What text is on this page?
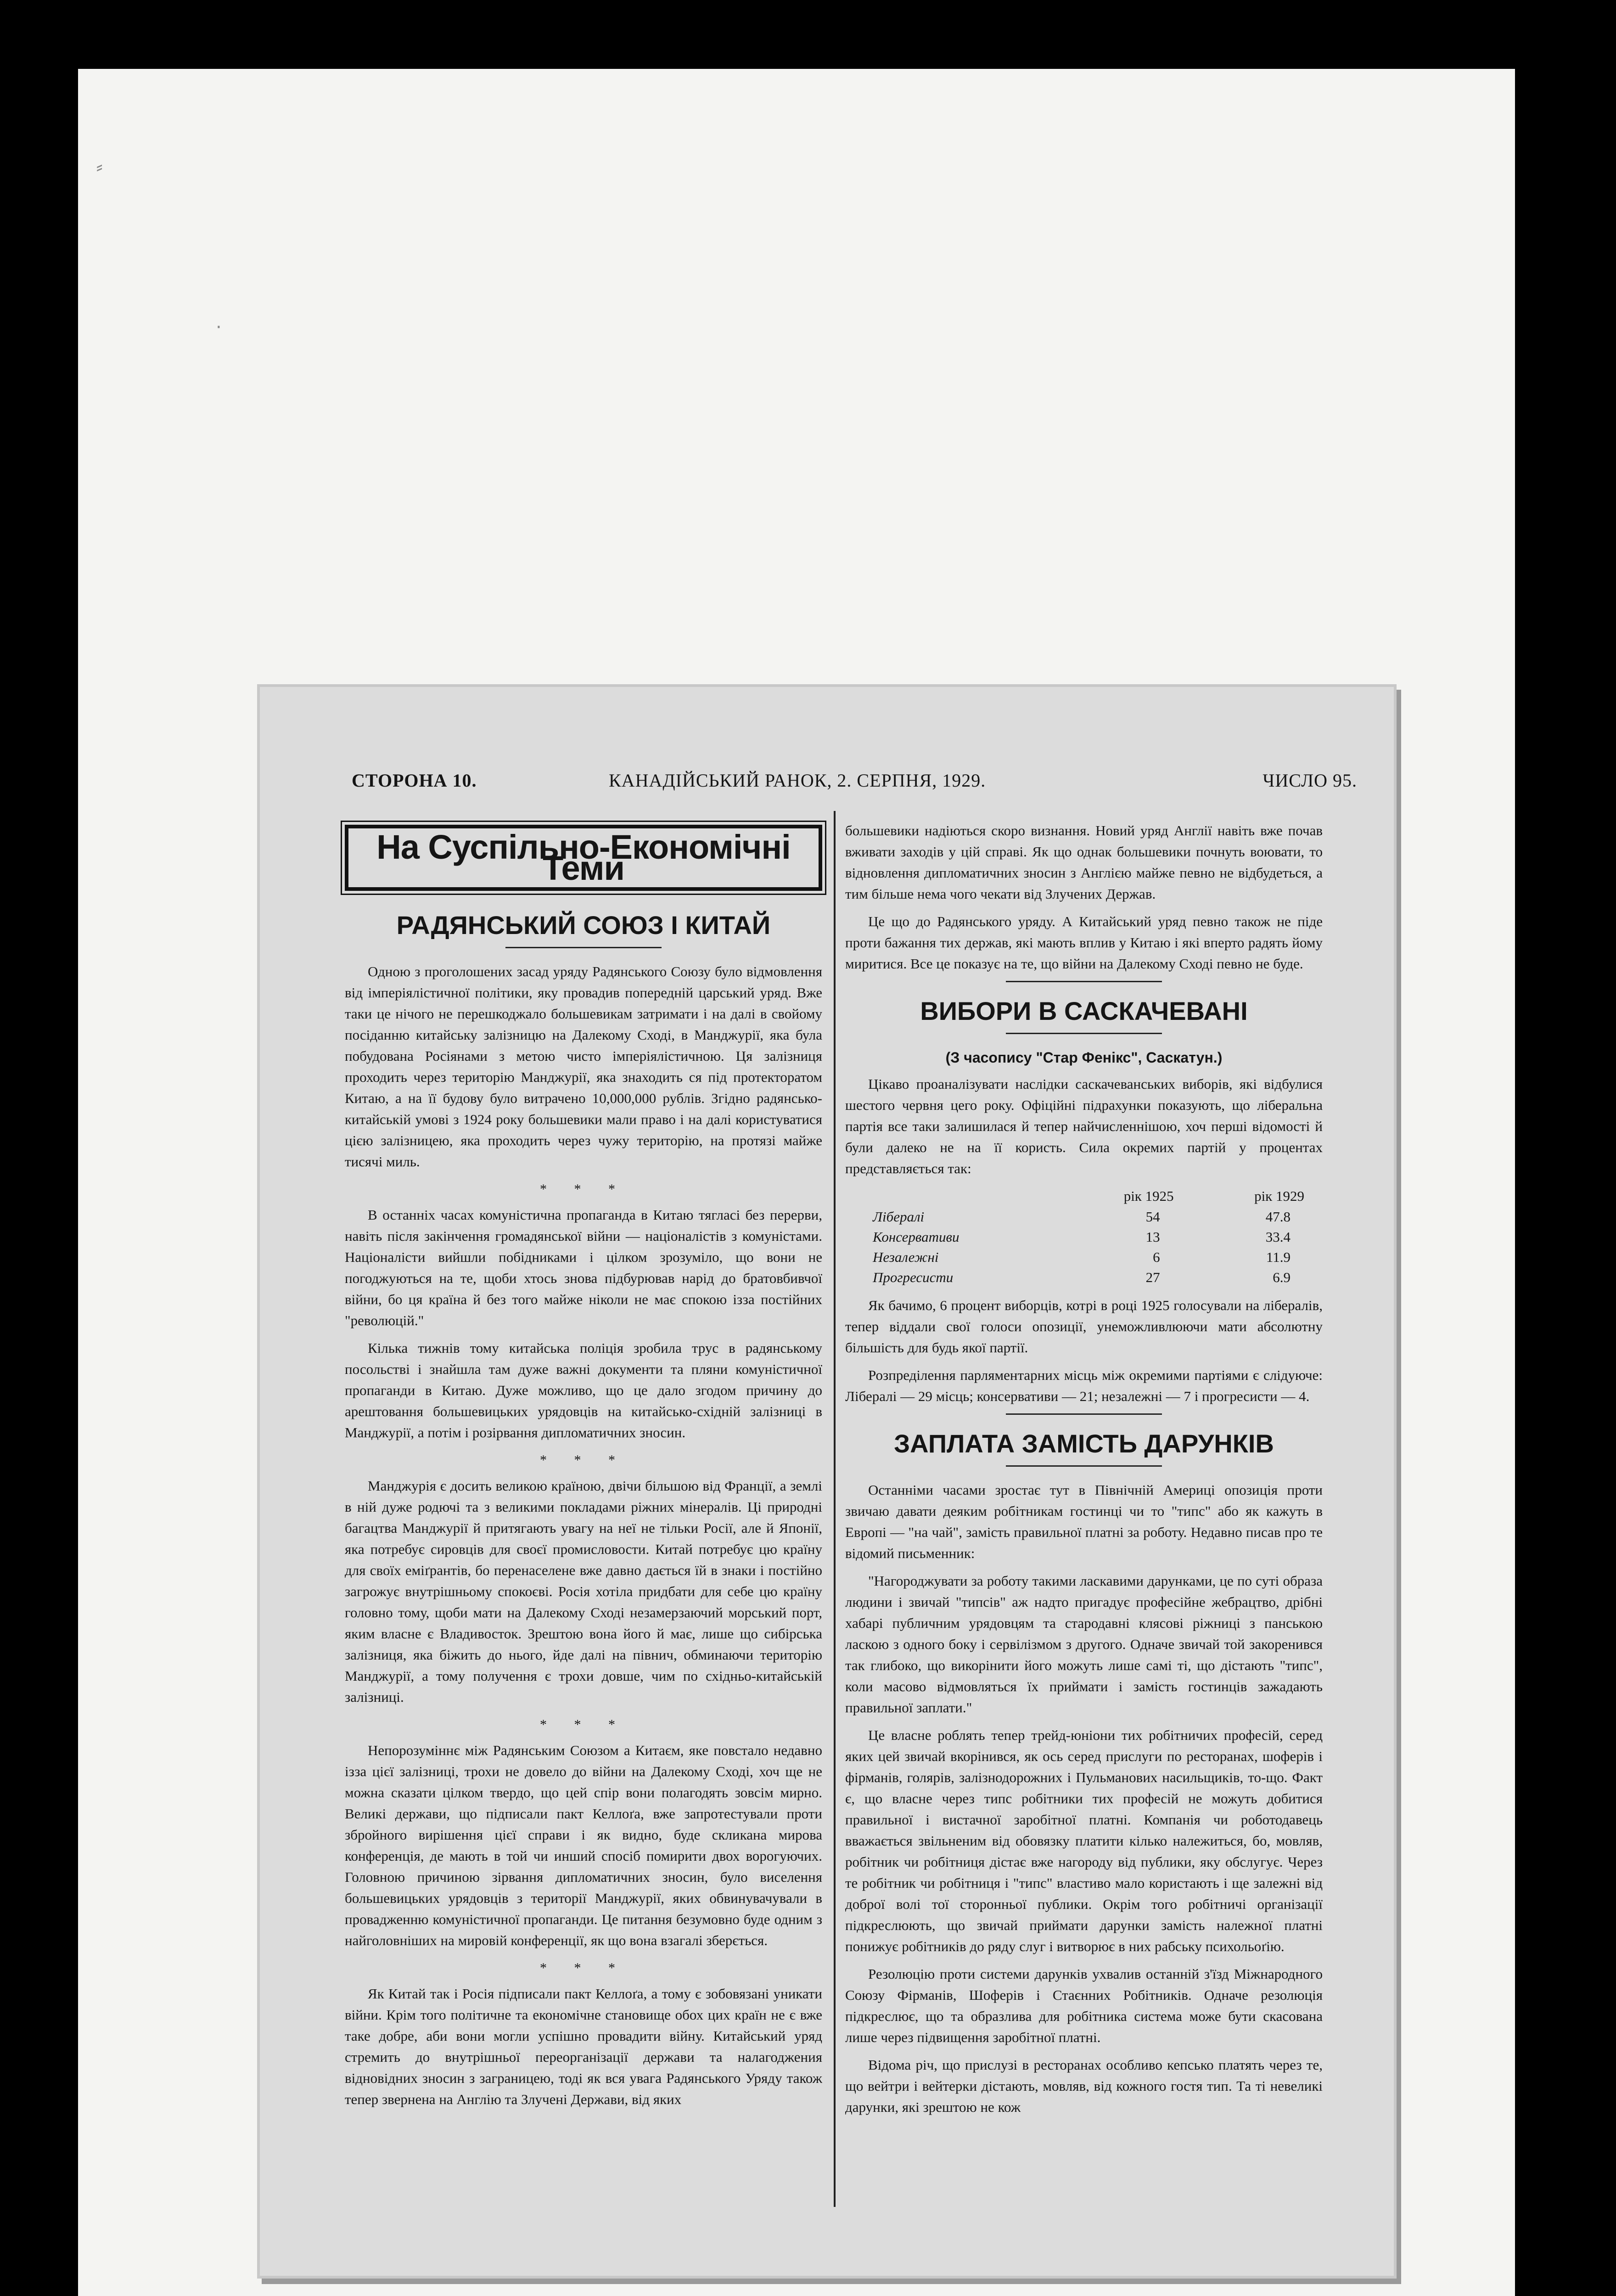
⸗
·
СТОРОНА 10.	КАНАДІЙСЬКИЙ РАНОК, 2. СЕРПНЯ, 1929.	ЧИСЛО 95.
На Суспільно-Економічні Теми
РАДЯНСЬКИЙ СОЮЗ І КИТАЙ

Одною з проголошених засад уряду Радянського Союзу було відмовлення від імперіялістичної політики, яку провадив попередній царський уряд. Вже таки це нічого не перешкоджало большевикам затримати і на далі в свойому посіданню китайську залізницю на Далекому Сході, в Манджурії, яка була побудована Росіянами з метою чисто імперіялістичною. Ця залізниця проходить через територію Манджурії, яка знаходить ся під протекторатом Китаю, а на її будову було витрачено 10,000,000 рублів. Згідно радянсько-китайській умові з 1924 року большевики мали право і на далі користуватися цією залізницею, яка проходить через чужу територію, на протязі майже тисячі миль.

* * *

В останніх часах комуністична пропаганда в Китаю тягласі без перерви, навіть після закінчення громадянської війни — націоналістів з комуністами. Націоналісти вийшли побідниками і цілком зрозуміло, що вони не погоджуються на те, щоби хтось знова підбурював нарід до братовбивчої війни, бо ця країна й без того майже ніколи не має спокою ізза постійних "революцій."

Кілька тижнів тому китайська поліція зробила трус в радянському посольстві і знайшла там дуже важні документи та пляни комуністичної пропаганди в Китаю. Дуже можливо, що це дало згодом причину до арештовання большевицьких урядовців на китайсько-східній залізниці в Манджурії, а потім і розірвання дипломатичних зносин.

* * *

Манджурія є досить великою країною, двічи більшою від Франції, а землі в ній дуже родючі та з великими покладами ріжних мінералів. Ці природні багацтва Манджурії й притягають увагу на неї не тільки Росії, але й Японії, яка потребує сировців для своєї промисловости. Китай потребує цю країну для своїх еміґрантів, бо перенаселене вже давно дається їй в знаки і постійно загрожує внутрішньому спокоєві. Росія хотіла придбати для себе цю країну головно тому, щоби мати на Далекому Сході незамерзаючий морський порт, яким власне є Владивосток. Зрештою вона його й має, лише що сибірська залізниця, яка біжить до нього, йде далі на півнич, обминаючи територію Манджурії, а тому получення є трохи довше, чим по східньо-китайській залізниці.

* * *

Непорозуміннє між Радянським Союзом а Китаєм, яке повстало недавно ізза цієї залізниці, трохи не довело до війни на Далекому Сході, хоч ще не можна сказати цілком твердо, що цей спір вони полагодять зовсім мирно. Великі держави, що підписали пакт Келлоґа, вже запротестували проти збройного вирішення цієї справи і як видно, буде скликана мирова конференція, де мають в той чи инший спосіб помирити двох ворогуючих. Головною причиною зірвання дипломатичних зносин, було виселення большевицьких урядовців з території Манджурії, яких обвинувачували в провадженню комуністичної пропаганди. Це питання безумовно буде одним з найголовніших на мировій конференції, як що вона взагалі зберється.

* * *

Як Китай так і Росія підписали пакт Келлоґа, а тому є зобовязані уникати війни. Крім того політичне та економічне становище обох цих країн не є вже таке добре, аби вони могли успішно провадити війну. Китайський уряд стремить до внутрішньої переорганізації держави та налагоджения відновідних зносин з заграницею, тоді як вся увага Радянського Уряду також тепер звернена на Англію та Злучені Держави, від яких

большевики надіються скоро визнання. Новий уряд Англії навіть вже почав вживати заходів у цій справі. Як що однак большевики почнуть воювати, то відновлення дипломатичних зносин з Англією майже певно не відбудеться, а тим більше нема чого чекати від Злучених Держав.

Це що до Радянського уряду. А Китайський уряд певно також не піде проти бажання тих держав, які мають вплив у Китаю і які вперто радять йому миритися. Все це показує на те, що війни на Далекому Сході певно не буде.

ВИБОРИ В САСКАЧЕВАНІ
(З часопису "Стар Фенікс", Саскатун.)

Цікаво проаналізувати наслідки саскачеванських виборів, які відбулися шестого червня цего року. Офіційні підрахунки показують, що ліберальна партія все таки залишилася й тепер найчисленнішою, хоч перші відомості й були далеко не на її користь. Сила окремих партій у процентах представляється так:

	рік 1925	рік 1929
Лібералі	54	47.8
Консервативи	13	33.4
Незалежні	6	11.9
Прогресисти	27	6.9

Як бачимо, 6 процент виборців, котрі в році 1925 голосували на лібералів, тепер віддали свої голоси опозиції, унеможливлюючи мати абсолютну більшість для будь якої партії.

Розпреділення парляментарних місць між окремими партіями є слідуюче: Лібералі — 29 місць; консервативи — 21; незалежні — 7 і прогресисти — 4.

ЗАПЛАТА ЗАМІСТЬ ДАРУНКІВ

Останніми часами зростає тут в Північній Америці опозиція проти звичаю давати деяким робітникам гостинці чи то "типс" або як кажуть в Европі — "на чай", замість правильної платні за роботу. Недавно писав про те відомий письменник:

"Нагороджувати за роботу такими ласкавими дарунками, це по суті образа людини і звичай "типсів" аж надто пригадує професійне жебрацтво, дрібні хабарі публичним урядовцям та стародавні клясові ріжниці з панською ласкою з одного боку і сервілізмом з другого. Одначе звичай той закоренився так глибоко, що викорінити його можуть лише самі ті, що дістають "типс", коли масово відмовляться їх приймати і замість гостинців зажадають правильної заплати."

Це власне роблять тепер трейд-юніони тих робітничих професій, серед яких цей звичай вкорінився, як ось серед прислуги по ресторанах, шоферів і фірманів, голярів, залізнодорожних і Пульманових насильщиків, то-що. Факт є, що власне через типс робітники тих професій не можуть добитися правильної і вистачної заробітної платні. Компанія чи роботодавець вважається звільненим від обовязку платити кілько належиться, бо, мовляв, робітник чи робітниця дістає вже нагороду від публики, яку обслугує. Через те робітник чи робітниця і "типс" властиво мало користають і ще залежні від доброї волі тої сторонньої публики. Окрім того робітничі організації підкреслюють, що звичай приймати дарунки замість належної платні понижує робітників до ряду слуг і витворює в них рабську психольоґію.

Резолюцію проти системи дарунків ухвалив останній з'їзд Міжнародного Союзу Фірманів, Шоферів і Стаєнних Робітників. Одначе резолюція підкреслює, що та образлива для робітника система може бути скасована лише через підвищення заробітної платні.

Відома річ, що прислузі в ресторанах особливо кепсько платять через те, що вейтри і вейтерки дістають, мовляв, від кожного гостя тип. Та ті невеликі дарунки, які зрештою не кож
